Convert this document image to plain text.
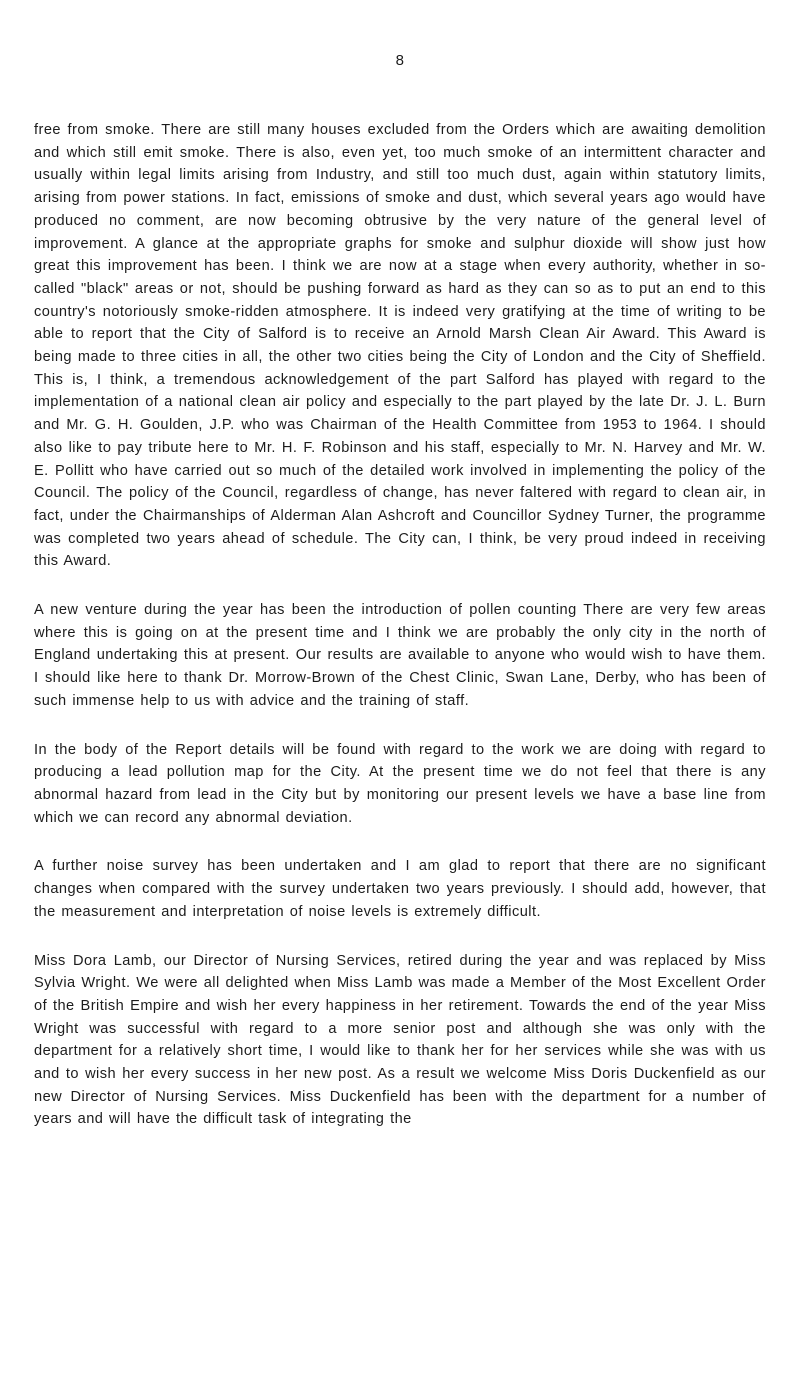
8

free from smoke. There are still many houses excluded from the Orders which are awaiting demolition and which still emit smoke. There is also, even yet, too much smoke of an intermittent character and usually within legal limits arising from Industry, and still too much dust, again within statutory limits, arising from power stations. In fact, emissions of smoke and dust, which several years ago would have produced no comment, are now becoming obtrusive by the very nature of the general level of improvement. A glance at the appropriate graphs for smoke and sulphur dioxide will show just how great this improvement has been. I think we are now at a stage when every authority, whether in so-called "black" areas or not, should be pushing forward as hard as they can so as to put an end to this country's notoriously smoke-ridden atmosphere. It is indeed very gratifying at the time of writing to be able to report that the City of Salford is to receive an Arnold Marsh Clean Air Award. This Award is being made to three cities in all, the other two cities being the City of London and the City of Sheffield. This is, I think, a tremendous acknowledgement of the part Salford has played with regard to the implementation of a national clean air policy and especially to the part played by the late Dr. J. L. Burn and Mr. G. H. Goulden, J.P. who was Chairman of the Health Committee from 1953 to 1964. I should also like to pay tribute here to Mr. H. F. Robinson and his staff, especially to Mr. N. Harvey and Mr. W. E. Pollitt who have carried out so much of the detailed work involved in implementing the policy of the Council. The policy of the Council, regardless of change, has never faltered with regard to clean air, in fact, under the Chairmanships of Alderman Alan Ashcroft and Councillor Sydney Turner, the programme was completed two years ahead of schedule. The City can, I think, be very proud indeed in receiving this Award.

A new venture during the year has been the introduction of pollen counting There are very few areas where this is going on at the present time and I think we are probably the only city in the north of England undertaking this at present. Our results are available to anyone who would wish to have them. I should like here to thank Dr. Morrow-Brown of the Chest Clinic, Swan Lane, Derby, who has been of such immense help to us with advice and the training of staff.

In the body of the Report details will be found with regard to the work we are doing with regard to producing a lead pollution map for the City. At the present time we do not feel that there is any abnormal hazard from lead in the City but by monitoring our present levels we have a base line from which we can record any abnormal deviation.

A further noise survey has been undertaken and I am glad to report that there are no significant changes when compared with the survey undertaken two years previously. I should add, however, that the measurement and interpretation of noise levels is extremely difficult.

Miss Dora Lamb, our Director of Nursing Services, retired during the year and was replaced by Miss Sylvia Wright. We were all delighted when Miss Lamb was made a Member of the Most Excellent Order of the British Empire and wish her every happiness in her retirement. Towards the end of the year Miss Wright was successful with regard to a more senior post and although she was only with the department for a relatively short time, I would like to thank her for her services while she was with us and to wish her every success in her new post. As a result we welcome Miss Doris Duckenfield as our new Director of Nursing Services. Miss Duckenfield has been with the department for a number of years and will have the difficult task of integrating the
